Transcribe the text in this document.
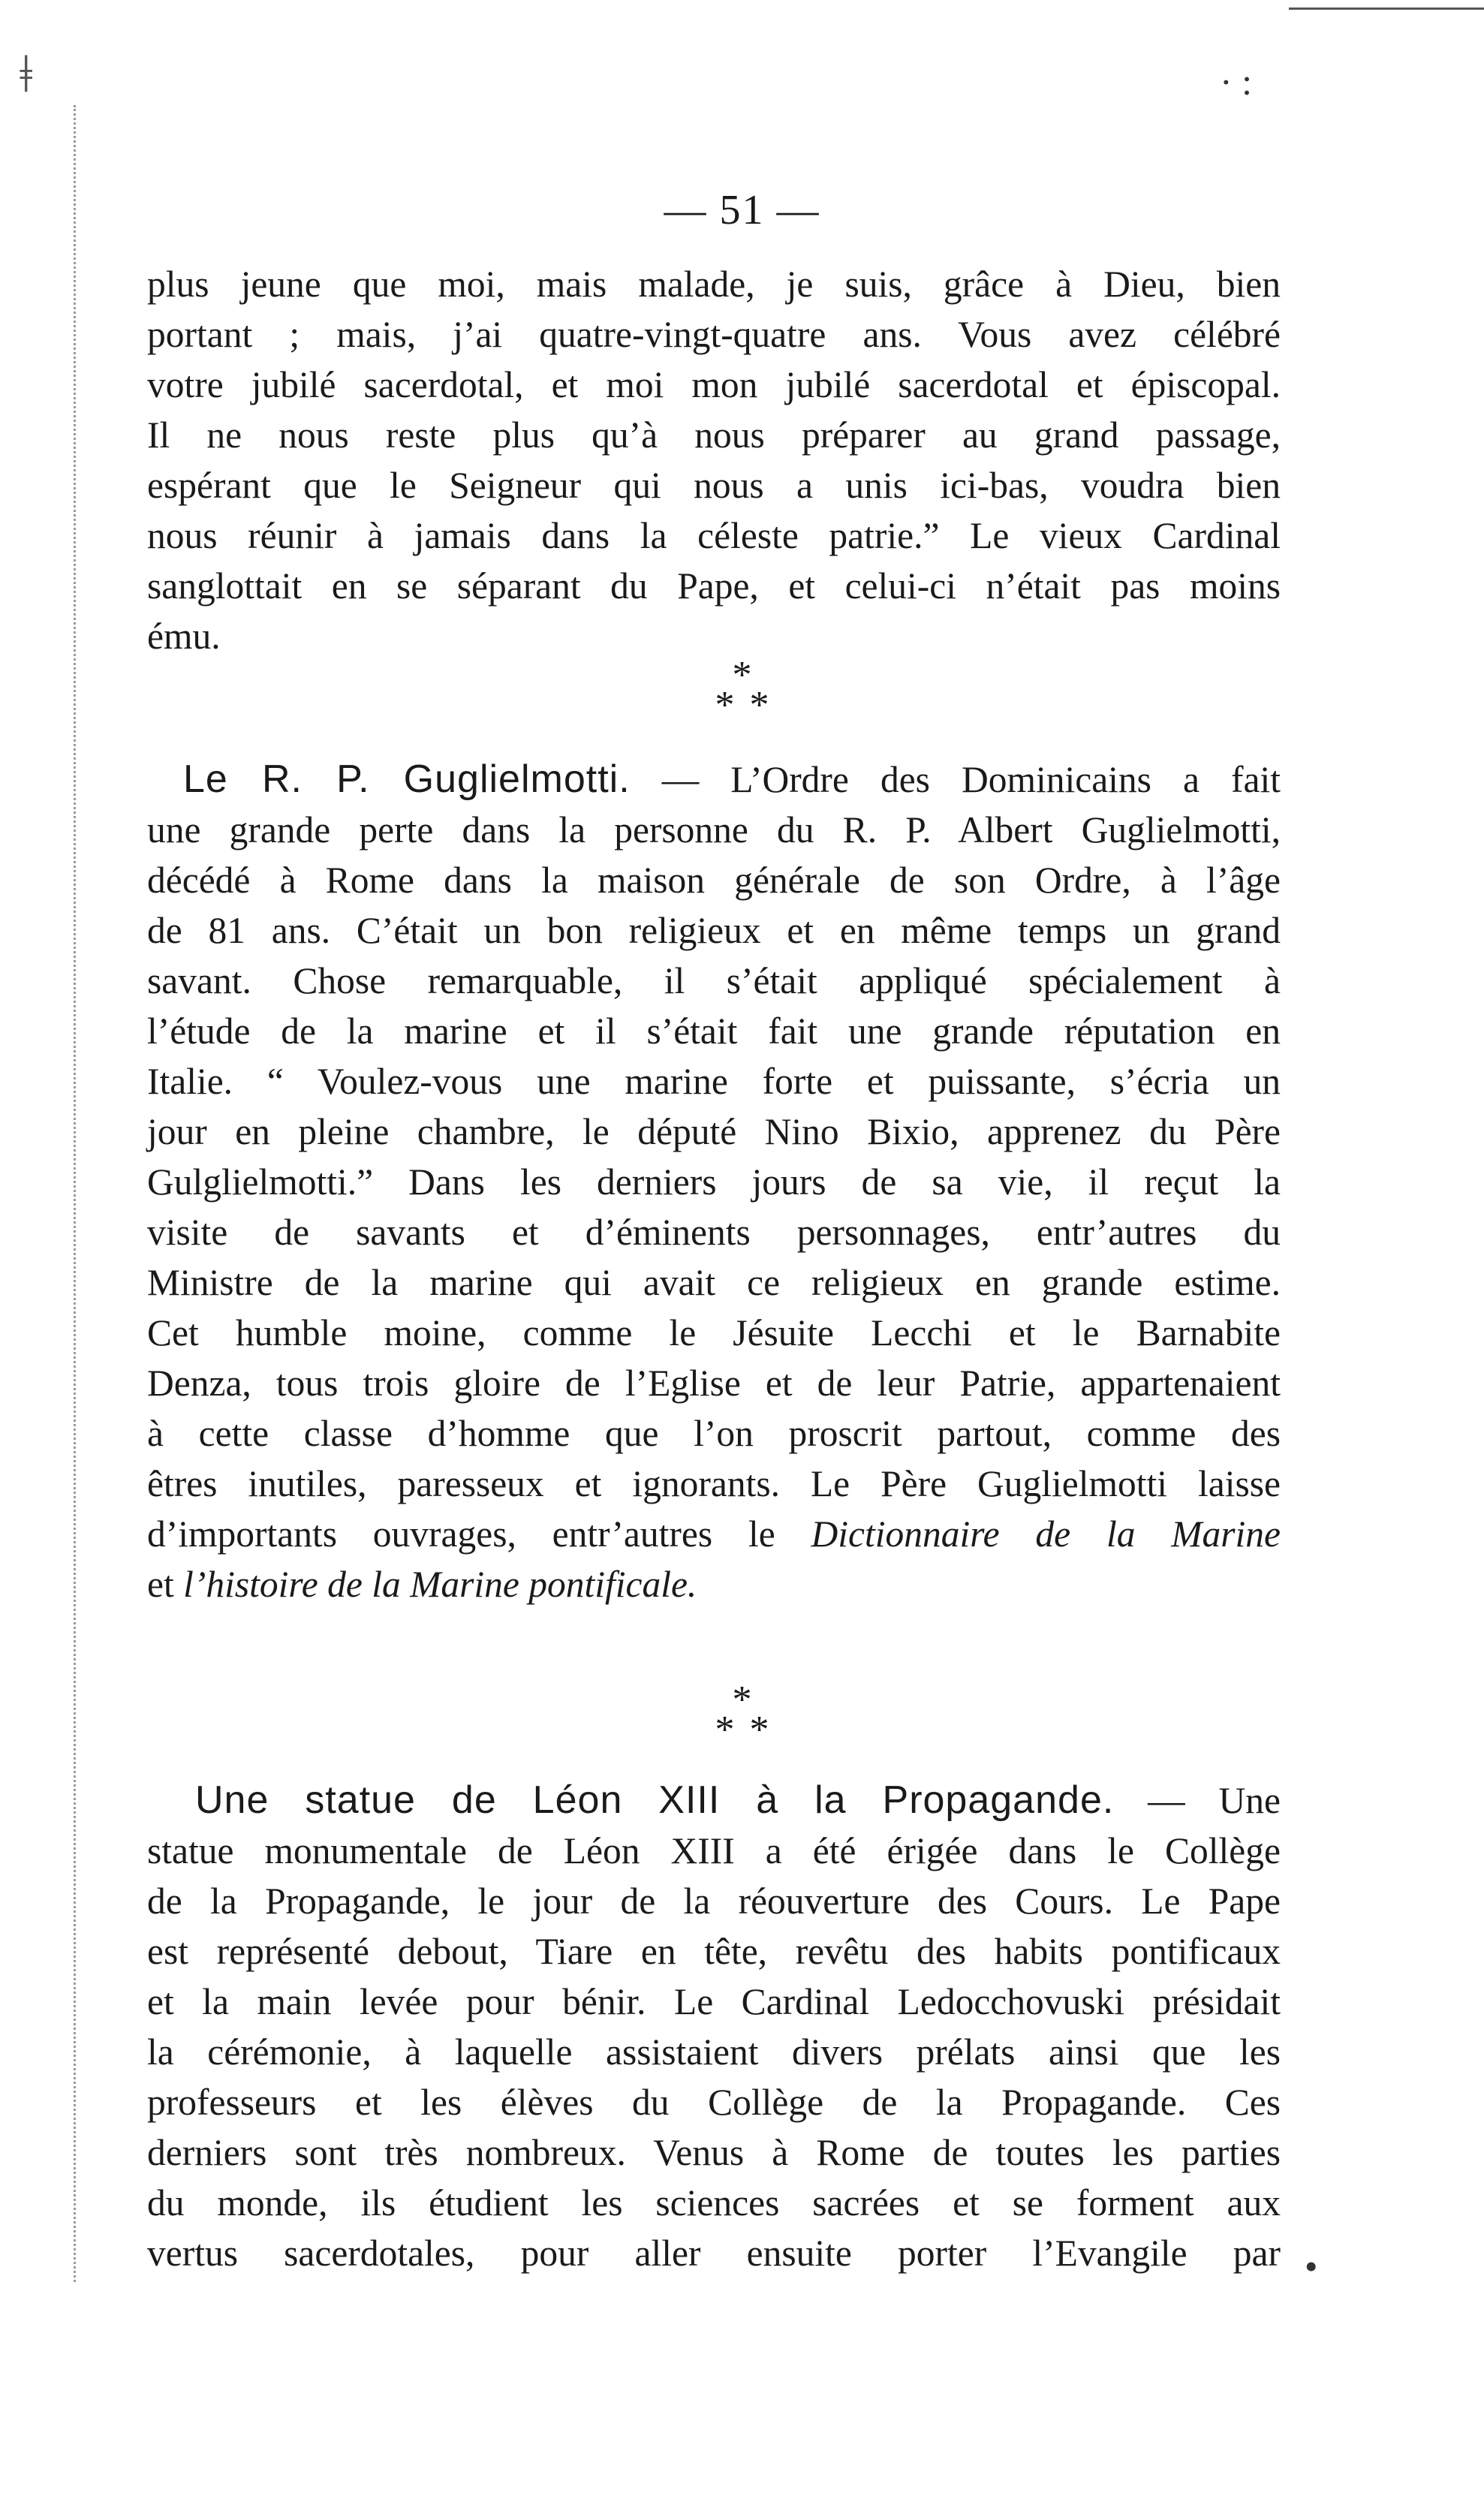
ǂ	· :
•
— 51 —
plus jeune que moi, mais malade, je suis, grâce à Dieu, bien
portant ; mais, j’ai quatre-vingt-quatre ans. Vous avez célébré
votre jubilé sacerdotal, et moi mon jubilé sacerdotal et épiscopal.
Il ne nous reste plus qu’à nous préparer au grand passage,
espérant que le Seigneur qui nous a unis ici-bas, voudra bien
nous réunir à jamais dans la céleste patrie.” Le vieux Cardinal
sanglottait en se séparant du Pape, et celui-ci n’était pas moins
ému.
*
**
Le R. P. Guglielmotti. — L’Ordre des Dominicains a fait
une grande perte dans la personne du R. P. Albert Guglielmotti,
décédé à Rome dans la maison générale de son Ordre, à l’âge
de 81 ans. C’était un bon religieux et en même temps un grand
savant. Chose remarquable, il s’était appliqué spécialement à
l’étude de la marine et il s’était fait une grande réputation en
Italie. “ Voulez-vous une marine forte et puissante, s’écria un
jour en pleine chambre, le député Nino Bixio, apprenez du Père
Gulglielmotti.” Dans les derniers jours de sa vie, il reçut la
visite de savants et d’éminents personnages, entr’autres du
Ministre de la marine qui avait ce religieux en grande estime.
Cet humble moine, comme le Jésuite Lecchi et le Barnabite
Denza, tous trois gloire de l’Eglise et de leur Patrie, appartenaient
à cette classe d’homme que l’on proscrit partout, comme des
êtres inutiles, paresseux et ignorants. Le Père Guglielmotti laisse
d’importants ouvrages, entr’autres le Dictionnaire de la Marine
et l’histoire de la Marine pontificale.
*
**
Une statue de Léon XIII à la Propagande. — Une
statue monumentale de Léon XIII a été érigée dans le Collège
de la Propagande, le jour de la réouverture des Cours. Le Pape
est représenté debout, Tiare en tête, revêtu des habits pontificaux
et la main levée pour bénir. Le Cardinal Ledocchovuski présidait
la cérémonie, à laquelle assistaient divers prélats ainsi que les
professeurs et les élèves du Collège de la Propagande. Ces
derniers sont très nombreux. Venus à Rome de toutes les parties
du monde, ils étudient les sciences sacrées et se forment aux
vertus sacerdotales, pour aller ensuite porter l’Evangile par
